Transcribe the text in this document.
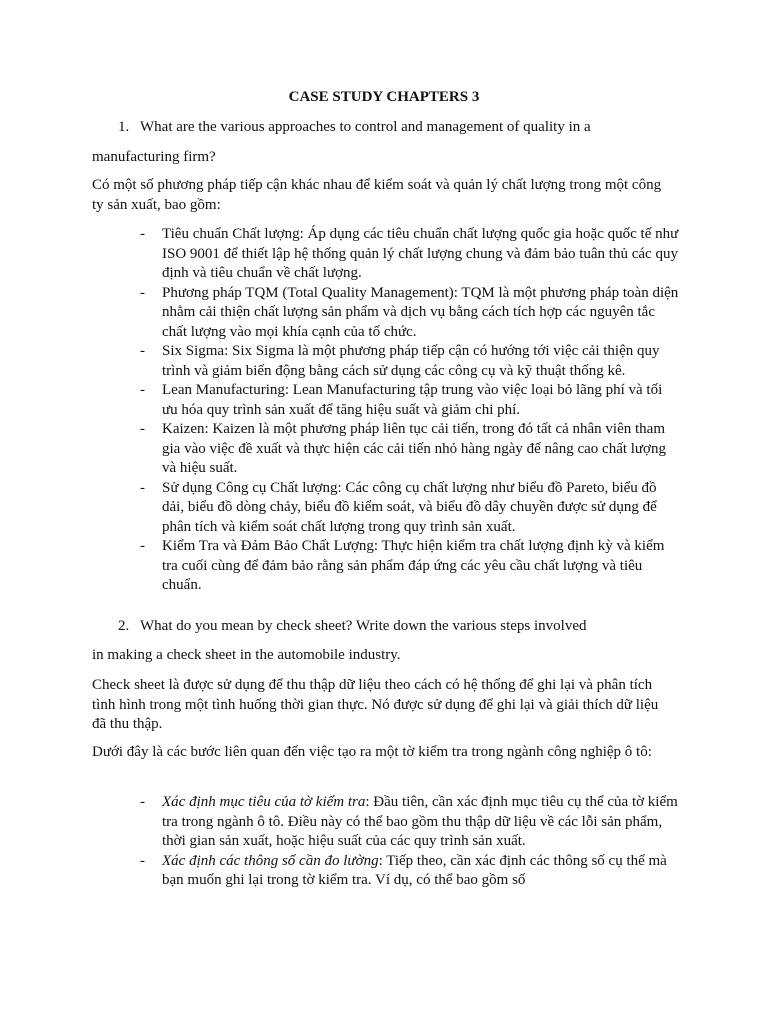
CASE STUDY CHAPTERS 3
1. What are the various approaches to control and management of quality in a
manufacturing firm?
Có một số phương pháp tiếp cận khác nhau để kiểm soát và quản lý chất lượng trong một công ty sản xuất, bao gồm:
- Tiêu chuẩn Chất lượng: Áp dụng các tiêu chuẩn chất lượng quốc gia hoặc quốc tế như ISO 9001 để thiết lập hệ thống quản lý chất lượng chung và đảm bảo tuân thủ các quy định và tiêu chuẩn về chất lượng.
- Phương pháp TQM (Total Quality Management): TQM là một phương pháp toàn diện nhằm cải thiện chất lượng sản phẩm và dịch vụ bằng cách tích hợp các nguyên tắc chất lượng vào mọi khía cạnh của tổ chức.
- Six Sigma: Six Sigma là một phương pháp tiếp cận có hướng tới việc cải thiện quy trình và giảm biến động bằng cách sử dụng các công cụ và kỹ thuật thống kê.
- Lean Manufacturing: Lean Manufacturing tập trung vào việc loại bỏ lãng phí và tối ưu hóa quy trình sản xuất để tăng hiệu suất và giảm chi phí.
- Kaizen: Kaizen là một phương pháp liên tục cải tiến, trong đó tất cả nhân viên tham gia vào việc đề xuất và thực hiện các cải tiến nhỏ hàng ngày để nâng cao chất lượng và hiệu suất.
- Sử dụng Công cụ Chất lượng: Các công cụ chất lượng như biểu đồ Pareto, biểu đồ dải, biểu đồ dòng chảy, biểu đồ kiểm soát, và biểu đồ dây chuyền được sử dụng để phân tích và kiểm soát chất lượng trong quy trình sản xuất.
- Kiểm Tra và Đảm Bảo Chất Lượng: Thực hiện kiểm tra chất lượng định kỳ và kiểm tra cuối cùng để đảm bảo rằng sản phẩm đáp ứng các yêu cầu chất lượng và tiêu chuẩn.
2. What do you mean by check sheet? Write down the various steps involved
in making a check sheet in the automobile industry.
Check sheet là được sử dụng để thu thập dữ liệu theo cách có hệ thống để ghi lại và phân tích tình hình trong một tình huống thời gian thực. Nó được sử dụng để ghi lại và giải thích dữ liệu đã thu thập.
Dưới đây là các bước liên quan đến việc tạo ra một tờ kiểm tra trong ngành công nghiệp ô tô:
- Xác định mục tiêu của tờ kiểm tra: Đầu tiên, cần xác định mục tiêu cụ thể của tờ kiểm tra trong ngành ô tô. Điều này có thể bao gồm thu thập dữ liệu về các lỗi sản phẩm, thời gian sản xuất, hoặc hiệu suất của các quy trình sản xuất.
- Xác định các thông số cần đo lường: Tiếp theo, cần xác định các thông số cụ thể mà bạn muốn ghi lại trong tờ kiểm tra. Ví dụ, có thể bao gồm số
